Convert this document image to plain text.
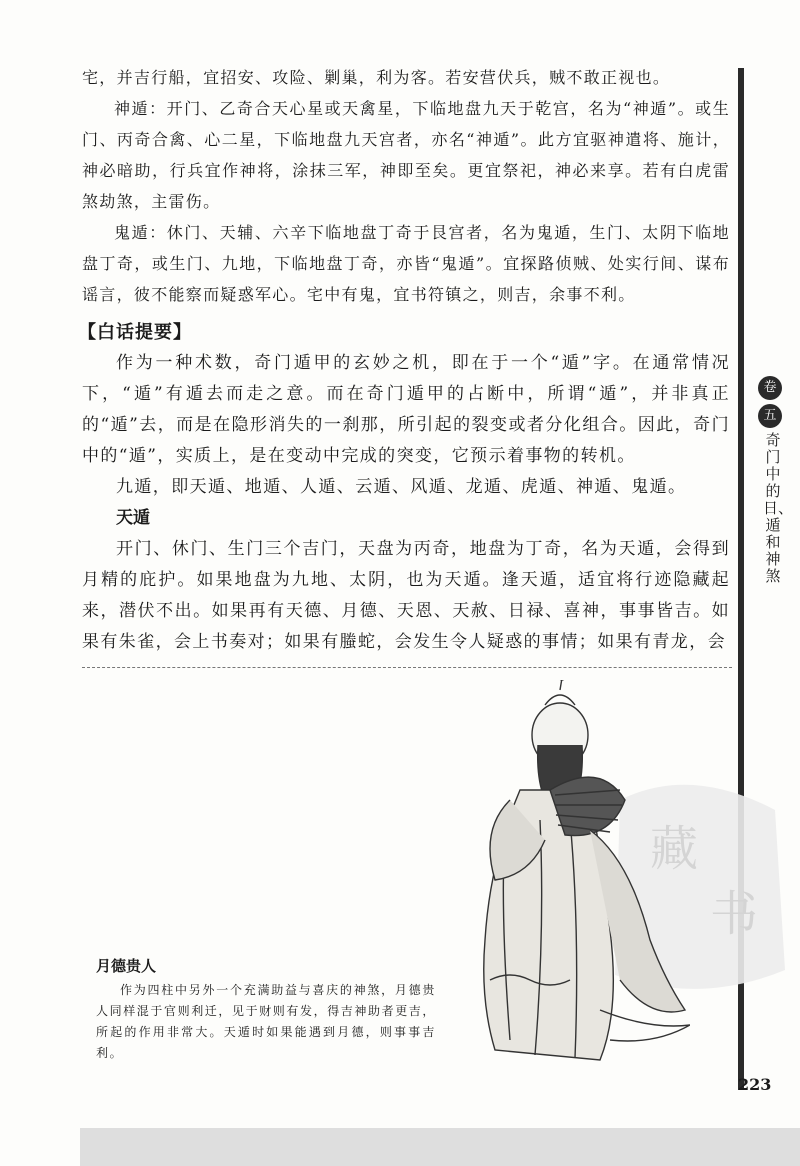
宅，并吉行船，宜招安、攻险、剿巢，利为客。若安营伏兵，贼不敢正视也。

神遁：开门、乙奇合天心星或天禽星，下临地盘九天于乾宫，名为“神遁”。或生门、丙奇合禽、心二星，下临地盘九天宫者，亦名“神遁”。此方宜驱神遣将、施计，神必暗助，行兵宜作神将，涂抹三军，神即至矣。更宜祭祀，神必来享。若有白虎雷煞劫煞，主雷伤。

鬼遁：休门、天辅、六辛下临地盘丁奇于艮宫者，名为鬼遁，生门、太阴下临地盘丁奇，或生门、九地，下临地盘丁奇，亦皆“鬼遁”。宜探路侦贼、处实行间、谋布谣言，彼不能察而疑惑军心。宅中有鬼，宜书符镇之，则吉，余事不利。

【白话提要】

作为一种术数，奇门遁甲的玄妙之机，即在于一个“遁”字。在通常情况下，“遁”有遁去而走之意。而在奇门遁甲的占断中，所谓“遁”，并非真正的“遁”去，而是在隐形消失的一刹那，所引起的裂变或者分化组合。因此，奇门中的“遁”，实质上，是在变动中完成的突变，它预示着事物的转机。

九遁，即天遁、地遁、人遁、云遁、风遁、龙遁、虎遁、神遁、鬼遁。

天遁

开门、休门、生门三个吉门，天盘为丙奇，地盘为丁奇，名为天遁，会得到月精的庇护。如果地盘为九地、太阴，也为天遁。逢天遁，适宜将行迹隐藏起来，潜伏不出。如果再有天德、月德、天恩、天赦、日禄、喜神，事事皆吉。如果有朱雀，会上书奏对；如果有螣蛇，会发生令人疑惑的事情；如果有青龙，会

卷
五
奇门中的日、遁和神煞
藏
书

月德贵人

作为四柱中另外一个充满助益与喜庆的神煞，月德贵人同样混于官则利迁，见于财则有发，得吉神助者更吉，所起的作用非常大。天遁时如果能遇到月德，则事事吉利。

223
